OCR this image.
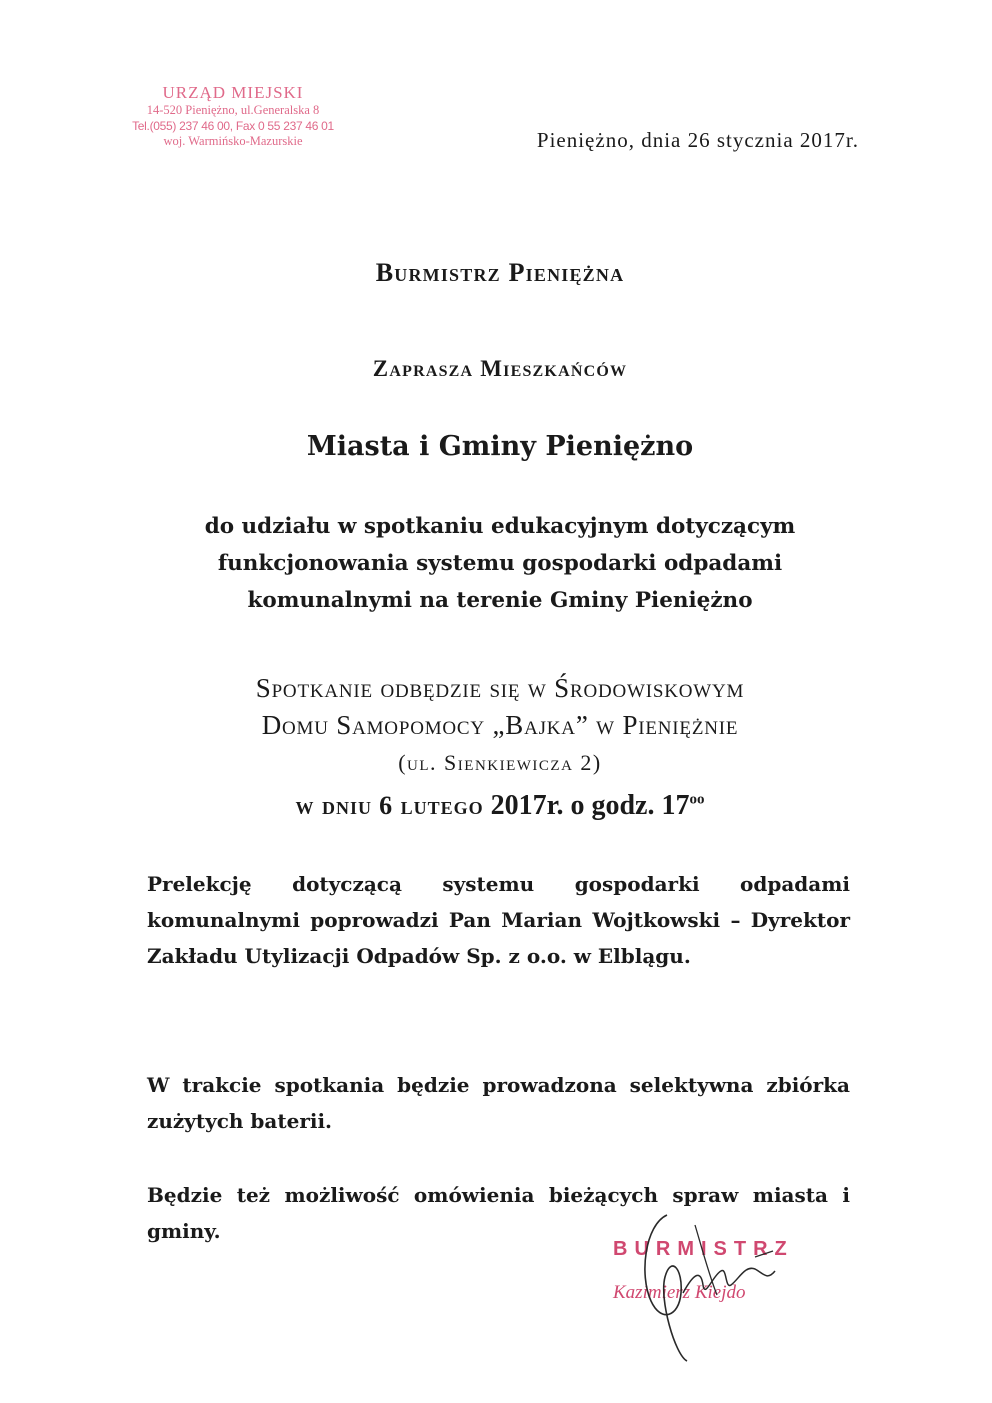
URZĄD MIEJSKI
14-520 Pieniężno, ul.Generalska 8
Tel.(055) 237 46 00, Fax 0 55 237 46 01
woj. Warmińsko-Mazurskie	Pieniężno, dnia 26 stycznia 2017r.
Burmistrz Pieniężna
Zaprasza Mieszkańców
Miasta i Gminy Pieniężno
do udziału w spotkaniu edukacyjnym dotyczącym
funkcjonowania systemu gospodarki odpadami
komunalnymi na terenie Gminy Pieniężno
Spotkanie odbędzie się w Środowiskowym
Domu Samopomocy „Bajka” w Pieniężnie
(ul. Sienkiewicza 2)
w dniu 6 lutego 2017r. o godz. $17^{oo}$
Prelekcję dotyczącą systemu gospodarki odpadami komunalnymi poprowadzi Pan Marian Wojtkowski – Dyrektor Zakładu Utylizacji Odpadów Sp. z o.o. w Elblągu.
W trakcie spotkania będzie prowadzona selektywna zbiórka zużytych baterii.
Będzie też możliwość omówienia bieżących spraw miasta i gminy.
BURMISTRZ
Kazimierz Kiejdo
